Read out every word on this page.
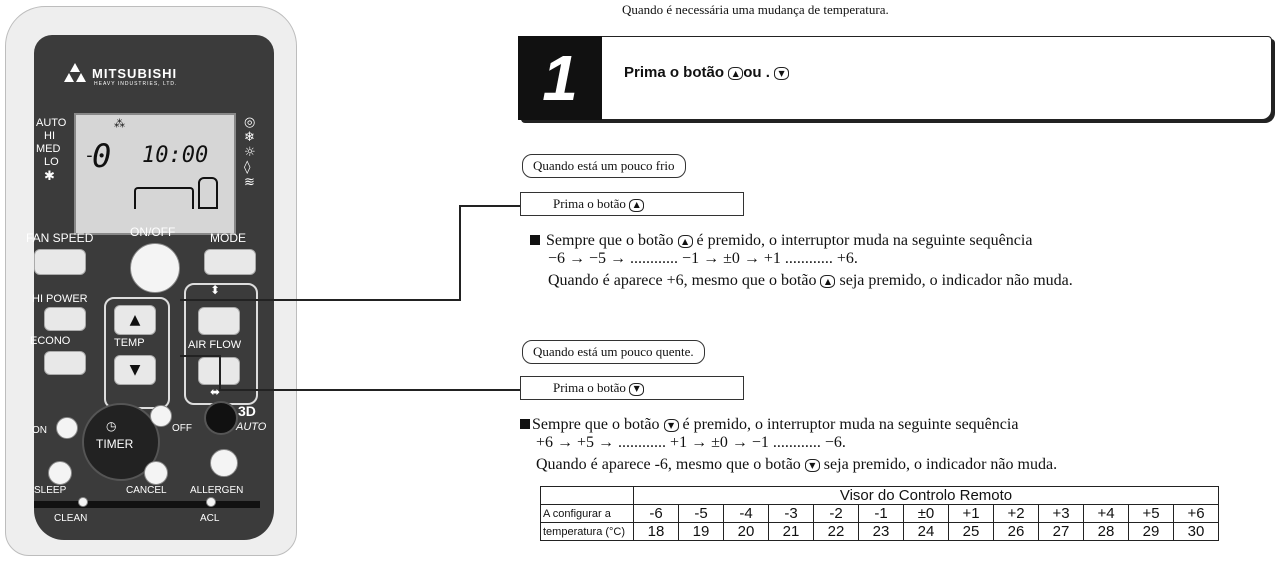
MITSUBISHI
HEAVY INDUSTRIES, LTD.
AUTO
HI
MED
LO
✱
◎
❄
☼
◊
≋
⁂
-
0 10:00
FAN SPEED	ON/OFF	MODE
HI POWER
ECONO
▲
TEMP
▼
⬍
AIR FLOW
⬌
◷
TIMER
ON	OFF
3D
AUTO
SLEEP	CANCEL ALLERGEN
CLEAN	ACL
Quando é necessária uma mudança de temperatura.
1	Prima o botão ▲ ou . ▼
Quando está um pouco frio
Prima o botão ▲
Sempre que o botão ▲ é premido, o interruptor muda na seguinte sequência
−6 → −5 → ............ −1 → ±0 → +1 ............ +6.
Quando é aparece +6, mesmo que o botão ▲ seja premido, o indicador não muda.
Quando está um pouco quente.
Prima o botão ▼
Sempre que o botão ▼ é premido, o interruptor muda na seguinte sequência
+6 → +5 → ............ +1 → ±0 → −1 ............ −6.
Quando é aparece -6, mesmo que o botão ▼ seja premido, o indicador não muda.
	Visor do Controlo Remoto												
A configurar a	-6	-5	-4	-3	-2	-1	±0	+1	+2	+3	+4	+5	+6
temperatura (°C)	18	19	20	21	22	23	24	25	26	27	28	29	30
